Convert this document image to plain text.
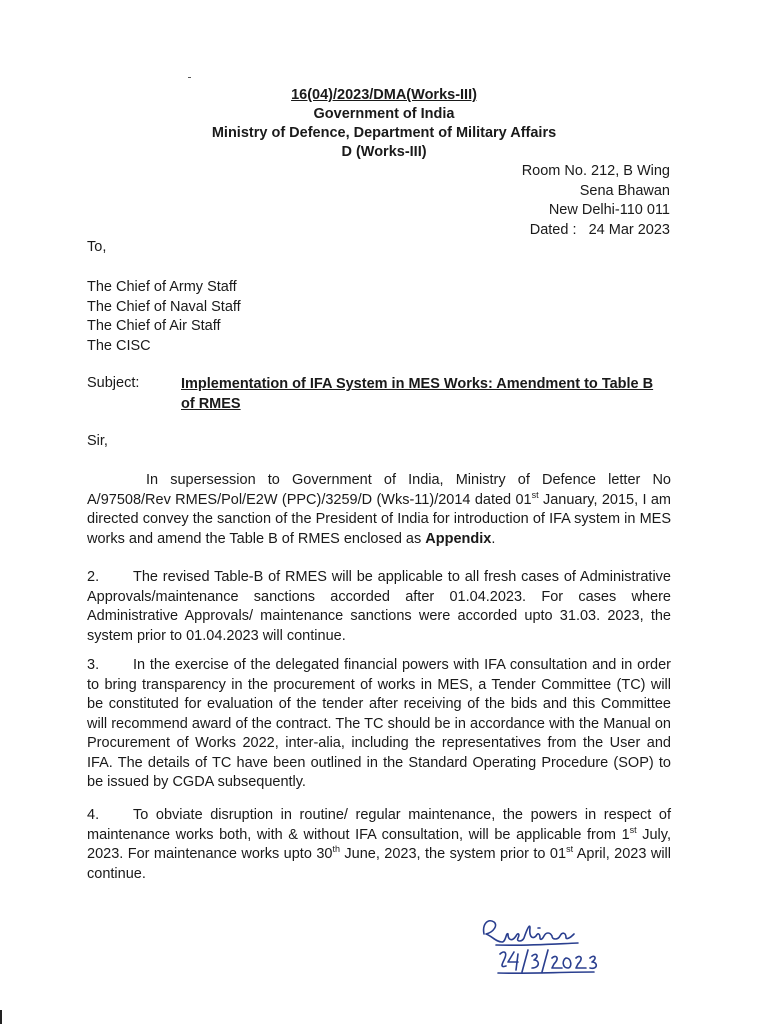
16(04)/2023/DMA(Works-III)
Government of India
Ministry of Defence, Department of Military Affairs
D (Works-III)
Room No. 212, B Wing
Sena Bhawan
New Delhi-110 011
Dated : 24 Mar 2023
To,
The Chief of Army Staff
The Chief of Naval Staff
The Chief of Air Staff
The CISC
Subject:	Implementation of IFA System in MES Works: Amendment to Table B of RMES
Sir,
In supersession to Government of India, Ministry of Defence letter No A/97508/Rev RMES/Pol/E2W (PPC)/3259/D (Wks-11)/2014 dated 01st January, 2015, I am directed convey the sanction of the President of India for introduction of IFA system in MES works and amend the Table B of RMES enclosed as Appendix.
2. The revised Table-B of RMES will be applicable to all fresh cases of Administrative Approvals/maintenance sanctions accorded after 01.04.2023. For cases where Administrative Approvals/ maintenance sanctions were accorded upto 31.03. 2023, the system prior to 01.04.2023 will continue.
3. In the exercise of the delegated financial powers with IFA consultation and in order to bring transparency in the procurement of works in MES, a Tender Committee (TC) will be constituted for evaluation of the tender after receiving of the bids and this Committee will recommend award of the contract. The TC should be in accordance with the Manual on Procurement of Works 2022, inter-alia, including the representatives from the User and IFA. The details of TC have been outlined in the Standard Operating Procedure (SOP) to be issued by CGDA subsequently.
4. To obviate disruption in routine/ regular maintenance, the powers in respect of maintenance works both, with & without IFA consultation, will be applicable from 1st July, 2023. For maintenance works upto 30th June, 2023, the system prior to 01st April, 2023 will continue.
